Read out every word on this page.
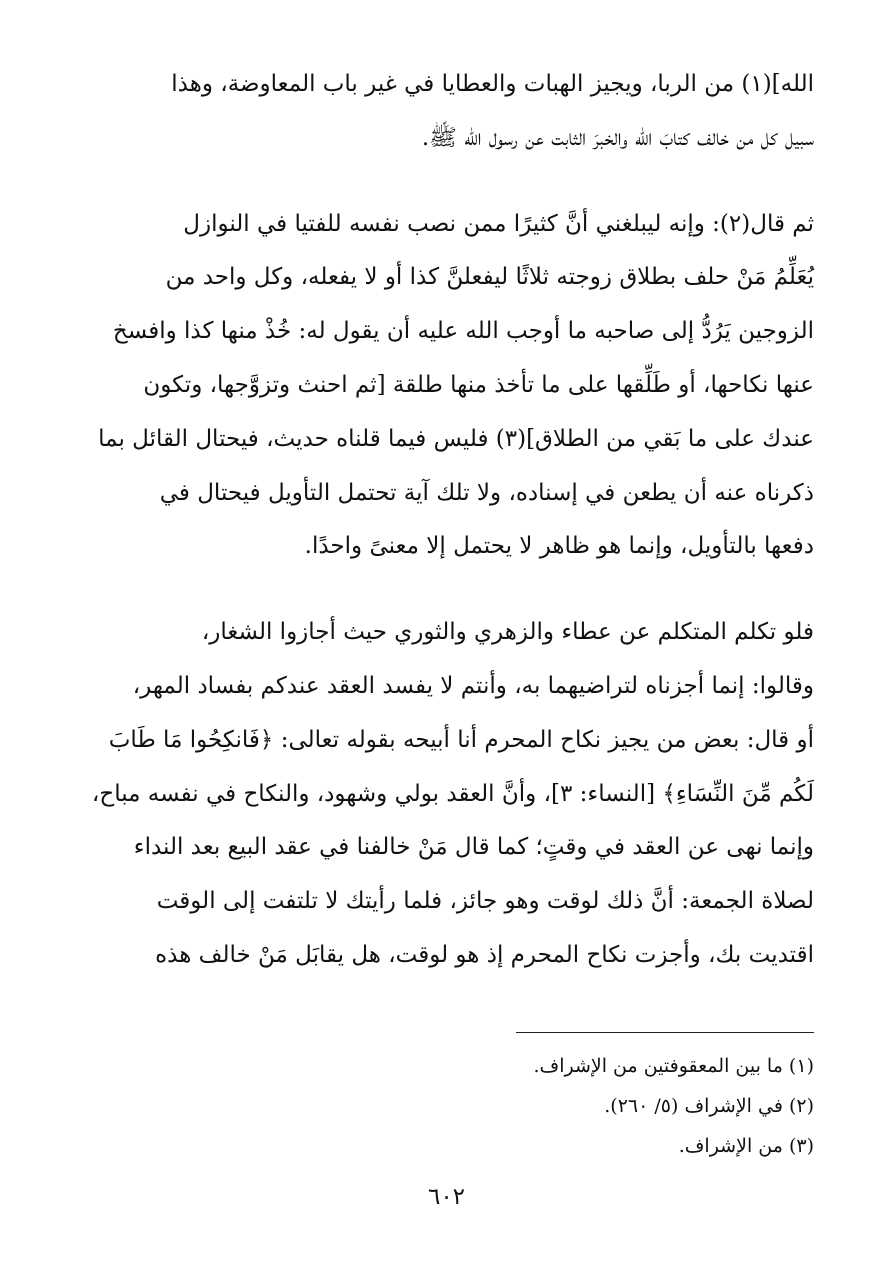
الله](١) من الربا، ويجيز الهبات والعطايا في غير باب المعاوضة، وهذا
سبيل كل من خالف كتابَ الله والخبرَ الثابت عن رسول الله ﷺ.
ثم قال(٢): وإنه ليبلغني أنَّ كثيرًا ممن نصب نفسه للفتيا في النوازل
يُعَلِّمُ مَنْ حلف بطلاق زوجته ثلاثًا ليفعلنَّ كذا أو لا يفعله، وكل واحد من
الزوجين يَرُدُّ إلى صاحبه ما أوجب الله عليه أن يقول له: خُذْ منها كذا وافسخ
عنها نكاحها، أو طَلِّقها على ما تأخذ منها طلقة [ثم احنث وتزوَّجها، وتكون
عندك على ما بَقي من الطلاق](٣) فليس فيما قلناه حديث، فيحتال القائل بما
ذكرناه عنه أن يطعن في إسناده، ولا تلك آية تحتمل التأويل فيحتال في
دفعها بالتأويل، وإنما هو ظاهر لا يحتمل إلا معنىً واحدًا.
فلو تكلم المتكلم عن عطاء والزهري والثوري حيث أجازوا الشغار،
وقالوا: إنما أجزناه لتراضيهما به، وأنتم لا يفسد العقد عندكم بفساد المهر،
أو قال: بعض من يجيز نكاح المحرم أنا أبيحه بقوله تعالى: ﴿فَانكِحُوا مَا طَابَ
لَكُم مِّنَ النِّسَاءِ﴾ [النساء: ٣]، وأنَّ العقد بولي وشهود، والنكاح في نفسه مباح،
وإنما نهى عن العقد في وقتٍ؛ كما قال مَنْ خالفنا في عقد البيع بعد النداء
لصلاة الجمعة: أنَّ ذلك لوقت وهو جائز، فلما رأيتك لا تلتفت إلى الوقت
اقتديت بك، وأجزت نكاح المحرم إذ هو لوقت، هل يقابَل مَنْ خالف هذه

(١) ما بين المعقوفتين من الإشراف.

(٢) في الإشراف (٥/ ٢٦٠).

(٣) من الإشراف.

٦٠٢
